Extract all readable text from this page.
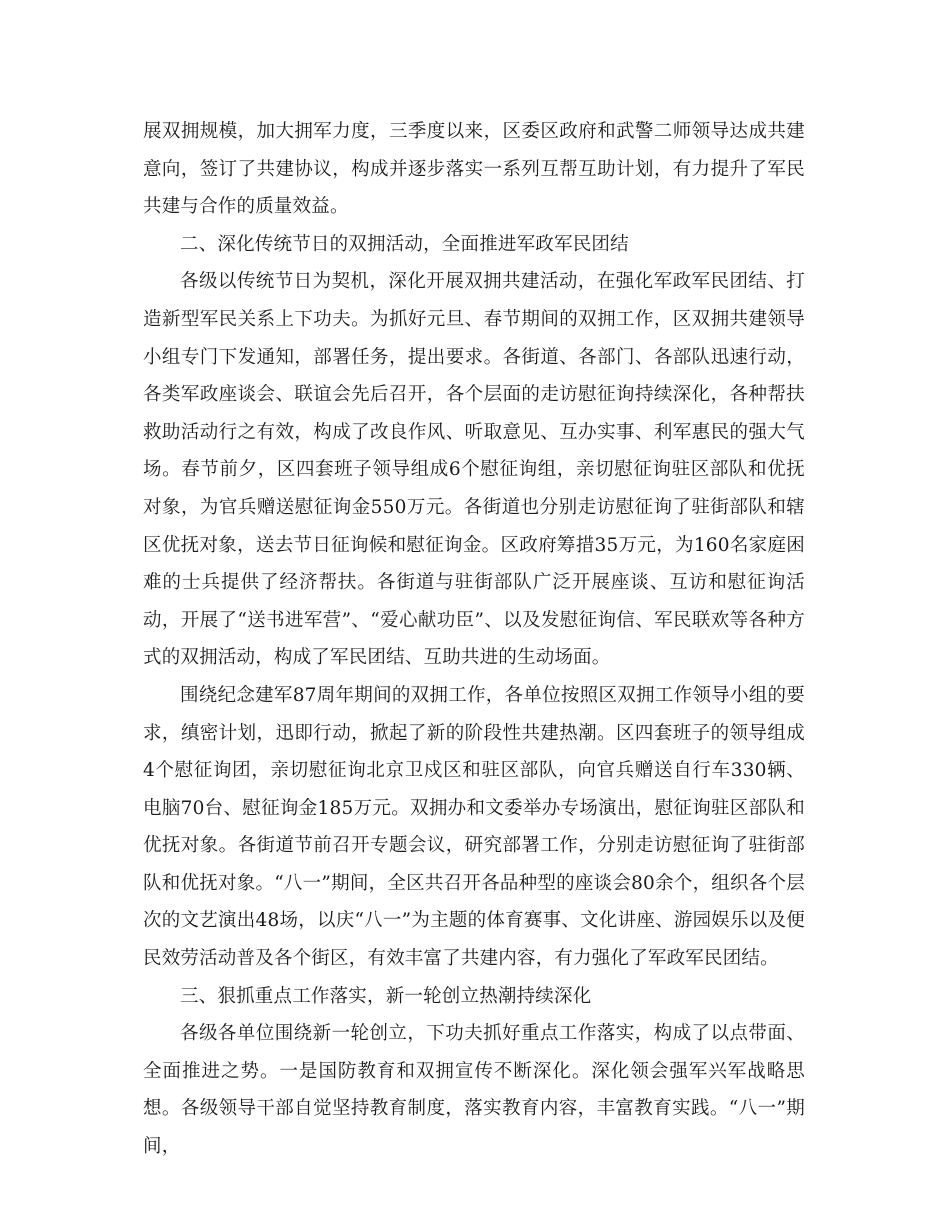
展双拥规模，加大拥军力度，三季度以来，区委区政府和武警二师领导达成共建意向，签订了共建协议，构成并逐步落实一系列互帮互助计划，有力提升了军民共建与合作的质量效益。

二、深化传统节日的双拥活动，全面推进军政军民团结

各级以传统节日为契机，深化开展双拥共建活动，在强化军政军民团结、打造新型军民关系上下功夫。为抓好元旦、春节期间的双拥工作，区双拥共建领导小组专门下发通知，部署任务，提出要求。各街道、各部门、各部队迅速行动，各类军政座谈会、联谊会先后召开，各个层面的走访慰征询持续深化，各种帮扶救助活动行之有效，构成了改良作风、听取意见、互办实事、利军惠民的强大气场。春节前夕，区四套班子领导组成6个慰征询组，亲切慰征询驻区部队和优抚对象，为官兵赠送慰征询金550万元。各街道也分别走访慰征询了驻街部队和辖区优抚对象，送去节日征询候和慰征询金。区政府筹措35万元，为160名家庭困难的士兵提供了经济帮扶。各街道与驻街部队广泛开展座谈、互访和慰征询活动，开展了“送书进军营”、“爱心献功臣”、以及发慰征询信、军民联欢等各种方式的双拥活动，构成了军民团结、互助共进的生动场面。

围绕纪念建军87周年期间的双拥工作，各单位按照区双拥工作领导小组的要求，缜密计划，迅即行动，掀起了新的阶段性共建热潮。区四套班子的领导组成4个慰征询团，亲切慰征询北京卫戍区和驻区部队，向官兵赠送自行车330辆、电脑70台、慰征询金185万元。双拥办和文委举办专场演出，慰征询驻区部队和优抚对象。各街道节前召开专题会议，研究部署工作，分别走访慰征询了驻街部队和优抚对象。“八一”期间，全区共召开各品种型的座谈会80余个，组织各个层次的文艺演出48场，以庆“八一”为主题的体育赛事、文化讲座、游园娱乐以及便民效劳活动普及各个街区，有效丰富了共建内容，有力强化了军政军民团结。

三、狠抓重点工作落实，新一轮创立热潮持续深化

各级各单位围绕新一轮创立，下功夫抓好重点工作落实，构成了以点带面、全面推进之势。一是国防教育和双拥宣传不断深化。深化领会强军兴军战略思想。各级领导干部自觉坚持教育制度，落实教育内容，丰富教育实践。“八一”期间，
